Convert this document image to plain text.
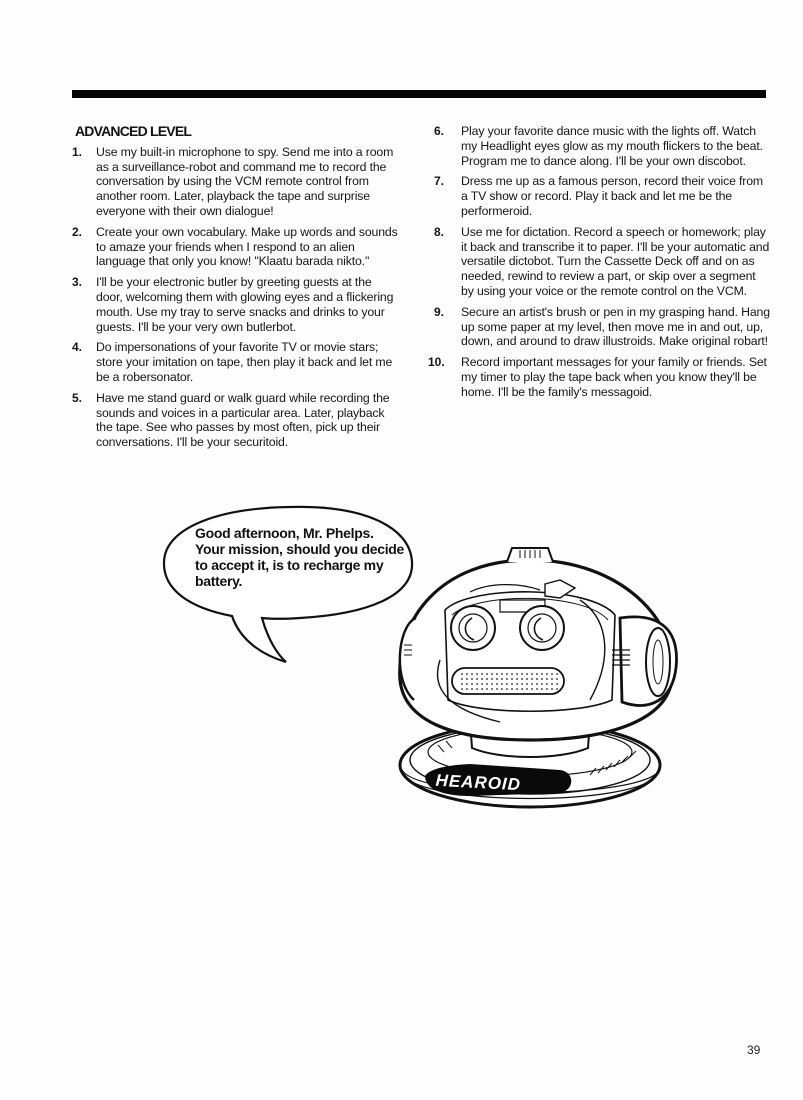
ADVANCED LEVEL
1. Use my built-in microphone to spy. Send me into a room as a surveillance-robot and command me to record the conversation by using the VCM remote control from another room. Later, playback the tape and surprise everyone with their own dialogue!
2. Create your own vocabulary. Make up words and sounds to amaze your friends when I respond to an alien language that only you know! "Klaatu barada nikto."
3. I'll be your electronic butler by greeting guests at the door, welcoming them with glowing eyes and a flickering mouth. Use my tray to serve snacks and drinks to your guests. I'll be your very own butlerbot.
4. Do impersonations of your favorite TV or movie stars; store your imitation on tape, then play it back and let me be a robersonator.
5. Have me stand guard or walk guard while recording the sounds and voices in a particular area. Later, playback the tape. See who passes by most often, pick up their conversations. I'll be your securitoid.
6. Play your favorite dance music with the lights off. Watch my Headlight eyes glow as my mouth flickers to the beat. Program me to dance along. I'll be your own discobot.
7. Dress me up as a famous person, record their voice from a TV show or record. Play it back and let me be the performeroid.
8. Use me for dictation. Record a speech or homework; play it back and transcribe it to paper. I'll be your automatic and versatile dictobot. Turn the Cassette Deck off and on as needed, rewind to review a part, or skip over a segment by using your voice or the remote control on the VCM.
9. Secure an artist's brush or pen in my grasping hand. Hang up some paper at my level, then move me in and out, up, down, and around to draw illustroids. Make original robart!
10. Record important messages for your family or friends. Set my timer to play the tape back when you know they'll be home. I'll be the family's messagoid.
HEAROID
Good afternoon, Mr. Phelps. Your mission, should you decide to accept it, is to recharge my battery.
39
